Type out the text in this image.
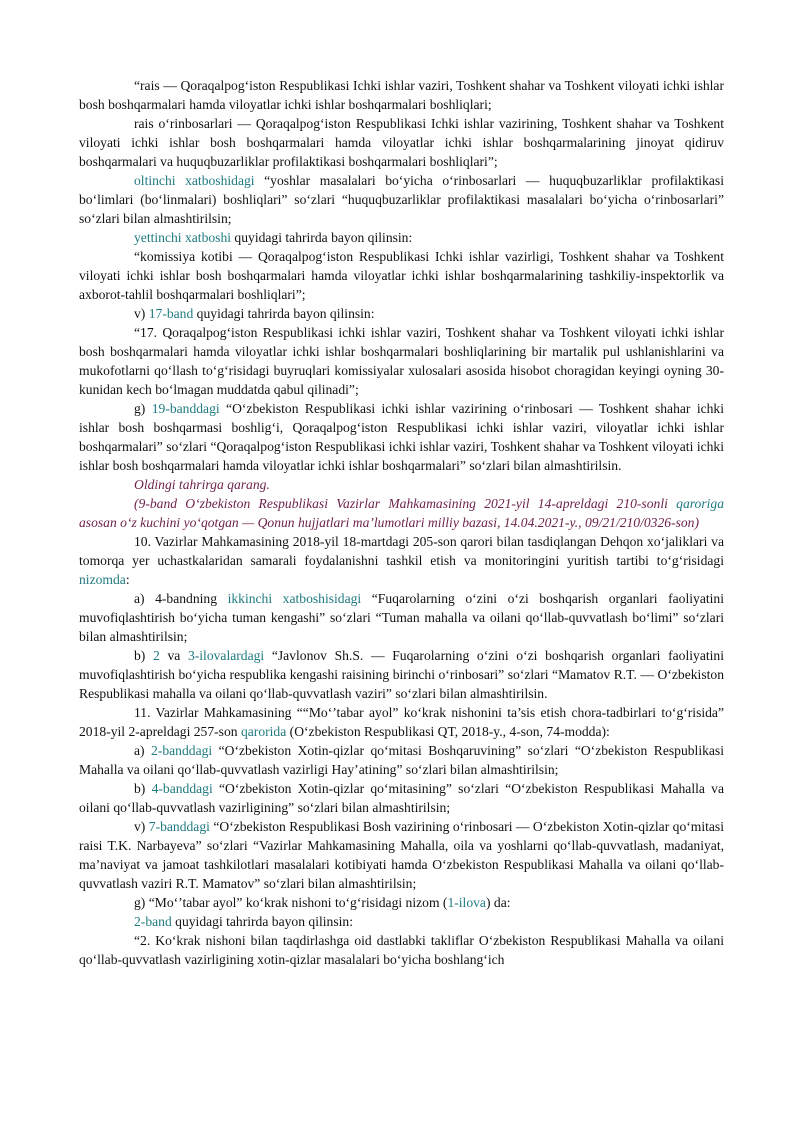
“rais — Qoraqalpog‘iston Respublikasi Ichki ishlar vaziri, Toshkent shahar va Toshkent viloyati ichki ishlar bosh boshqarmalari hamda viloyatlar ichki ishlar boshqarmalari boshliqlari;

rais o‘rinbosarlari — Qoraqalpog‘iston Respublikasi Ichki ishlar vazirining, Toshkent shahar va Toshkent viloyati ichki ishlar bosh boshqarmalari hamda viloyatlar ichki ishlar boshqarmalarining jinoyat qidiruv boshqarmalari va huquqbuzarliklar profilaktikasi boshqarmalari boshliqlari”;

oltinchi xatboshidagi “yoshlar masalalari bo‘yicha o‘rinbosarlari — huquqbuzarliklar profilaktikasi bo‘limlari (bo‘linmalari) boshliqlari” so‘zlari “huquqbuzarliklar profilaktikasi masalalari bo‘yicha o‘rinbosarlari” so‘zlari bilan almashtirilsin;

yettinchi xatboshi quyidagi tahrirda bayon qilinsin:

“komissiya kotibi — Qoraqalpog‘iston Respublikasi Ichki ishlar vazirligi, Toshkent shahar va Toshkent viloyati ichki ishlar bosh boshqarmalari hamda viloyatlar ichki ishlar boshqarmalarining tashkiliy-inspektorlik va axborot-tahlil boshqarmalari boshliqlari”;

v) 17-band quyidagi tahrirda bayon qilinsin:

“17. Qoraqalpog‘iston Respublikasi ichki ishlar vaziri, Toshkent shahar va Toshkent viloyati ichki ishlar bosh boshqarmalari hamda viloyatlar ichki ishlar boshqarmalari boshliqlarining bir martalik pul ushlanishlarini va mukofotlarni qo‘llash to‘g‘risidagi buyruqlari komissiyalar xulosalari asosida hisobot choragidan keyingi oyning 30-kunidan kech bo‘lmagan muddatda qabul qilinadi”;

g) 19-banddagi “O‘zbekiston Respublikasi ichki ishlar vazirining o‘rinbosari — Toshkent shahar ichki ishlar bosh boshqarmasi boshlig‘i, Qoraqalpog‘iston Respublikasi ichki ishlar vaziri, viloyatlar ichki ishlar boshqarmalari” so‘zlari “Qoraqalpog‘iston Respublikasi ichki ishlar vaziri, Toshkent shahar va Toshkent viloyati ichki ishlar bosh boshqarmalari hamda viloyatlar ichki ishlar boshqarmalari” so‘zlari bilan almashtirilsin.

Oldingi tahrirga qarang.

(9-band O‘zbekiston Respublikasi Vazirlar Mahkamasining 2021-yil 14-apreldagi 210-sonli qaroriga asosan o‘z kuchini yo‘qotgan — Qonun hujjatlari ma’lumotlari milliy bazasi, 14.04.2021-y., 09/21/210/0326-son)

10. Vazirlar Mahkamasining 2018-yil 18-martdagi 205-son qarori bilan tasdiqlangan Dehqon xo‘jaliklari va tomorqa yer uchastkalaridan samarali foydalanishni tashkil etish va monitoringini yuritish tartibi to‘g‘risidagi nizomda:

a) 4-bandning ikkinchi xatboshisidagi “Fuqarolarning o‘zini o‘zi boshqarish organlari faoliyatini muvofiqlashtirish bo‘yicha tuman kengashi” so‘zlari “Tuman mahalla va oilani qo‘llab-quvvatlash bo‘limi” so‘zlari bilan almashtirilsin;

b) 2 va 3-ilovalardagi “Javlonov Sh.S. — Fuqarolarning o‘zini o‘zi boshqarish organlari faoliyatini muvofiqlashtirish bo‘yicha respublika kengashi raisining birinchi o‘rinbosari” so‘zlari “Mamatov R.T. — O‘zbekiston Respublikasi mahalla va oilani qo‘llab-quvvatlash vaziri” so‘zlari bilan almashtirilsin.

11. Vazirlar Mahkamasining ““Mo‘’tabar ayol” ko‘krak nishonini ta’sis etish chora-tadbirlari to‘g‘risida” 2018-yil 2-apreldagi 257-son qarorida (O‘zbekiston Respublikasi QT, 2018-y., 4-son, 74-modda):

a) 2-banddagi “O‘zbekiston Xotin-qizlar qo‘mitasi Boshqaruvining” so‘zlari “O‘zbekiston Respublikasi Mahalla va oilani qo‘llab-quvvatlash vazirligi Hay’atining” so‘zlari bilan almashtirilsin;

b) 4-banddagi “O‘zbekiston Xotin-qizlar qo‘mitasining” so‘zlari “O‘zbekiston Respublikasi Mahalla va oilani qo‘llab-quvvatlash vazirligining” so‘zlari bilan almashtirilsin;

v) 7-banddagi “O‘zbekiston Respublikasi Bosh vazirining o‘rinbosari — O‘zbekiston Xotin-qizlar qo‘mitasi raisi T.K. Narbayeva” so‘zlari “Vazirlar Mahkamasining Mahalla, oila va yoshlarni qo‘llab-quvvatlash, madaniyat, ma’naviyat va jamoat tashkilotlari masalalari kotibiyati hamda O‘zbekiston Respublikasi Mahalla va oilani qo‘llab-quvvatlash vaziri R.T. Mamatov” so‘zlari bilan almashtirilsin;

g) “Mo‘’tabar ayol” ko‘krak nishoni to‘g‘risidagi nizom (1-ilova) da:

2-band quyidagi tahrirda bayon qilinsin:

“2. Ko‘krak nishoni bilan taqdirlashga oid dastlabki takliflar O‘zbekiston Respublikasi Mahalla va oilani qo‘llab-quvvatlash vazirligining xotin-qizlar masalalari bo‘yicha boshlang‘ich
